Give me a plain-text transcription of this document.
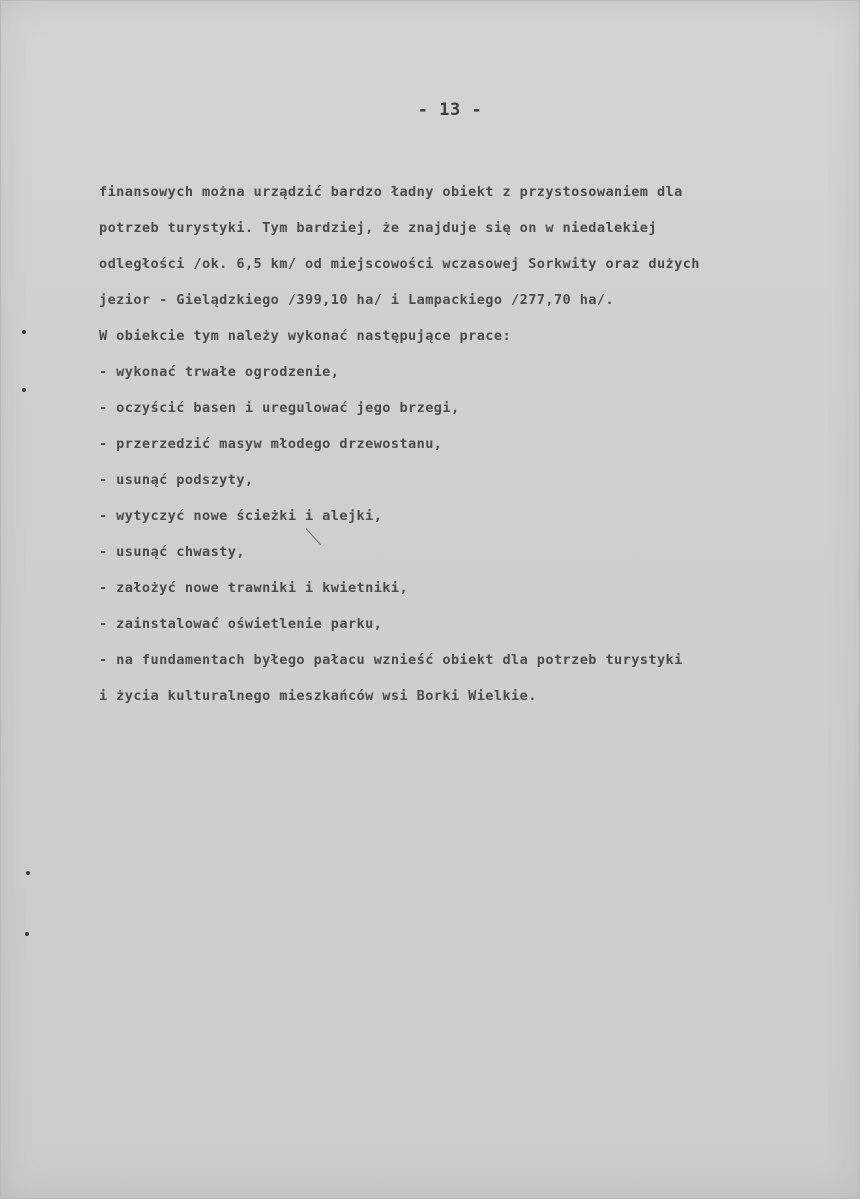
- 13 -
finansowych można urządzić bardzo ładny obiekt z przystosowaniem dla
potrzeb turystyki. Tym bardziej, że znajduje się on w niedalekiej
odległości /ok. 6,5 km/ od miejscowości wczasowej Sorkwity oraz dużych
jezior - Gielądzkiego /399,10 ha/ i Lampackiego /277,70 ha/.
W obiekcie tym należy wykonać następujące prace:
- wykonać trwałe ogrodzenie,
- oczyścić basen i uregulować jego brzegi,
- przerzedzić masyw młodego drzewostanu,
- usunąć podszyty,
- wytyczyć nowe ścieżki i alejki,
- usunąć chwasty,
- założyć nowe trawniki i kwietniki,
- zainstalować oświetlenie parku,
- na fundamentach byłego pałacu wznieść obiekt dla potrzeb turystyki
i życia kulturalnego mieszkańców wsi Borki Wielkie.
